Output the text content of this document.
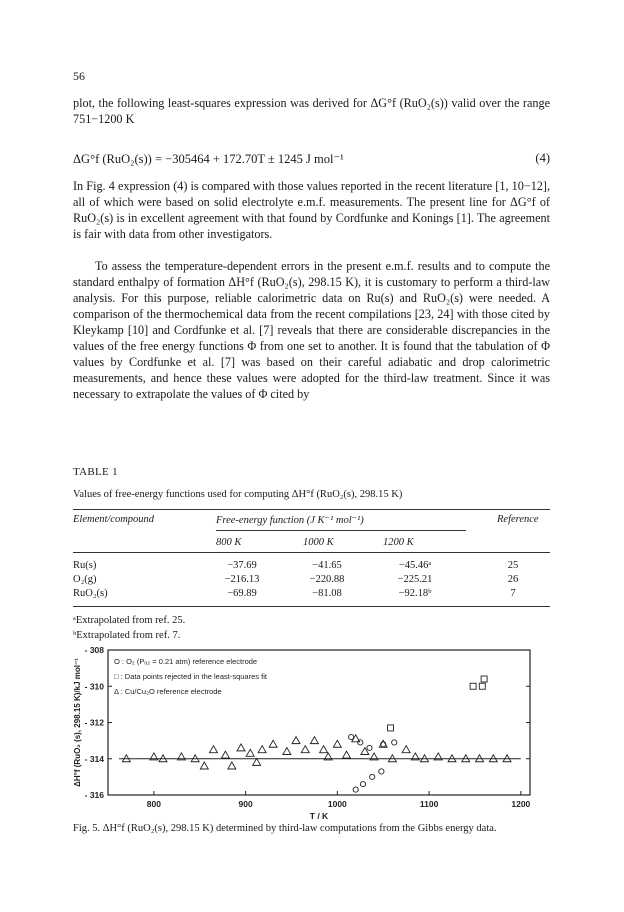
56

plot, the following least-squares expression was derived for ΔG°f (RuO₂(s)) valid over the range 751−1200 K

ΔG°f (RuO₂(s)) = −305464 + 172.70T ± 1245 J mol⁻¹	(4)

In Fig. 4 expression (4) is compared with those values reported in the recent literature [1, 10−12], all of which were based on solid electrolyte e.m.f. measurements. The present line for ΔG°f of RuO₂(s) is in excellent agreement with that found by Cordfunke and Konings [1]. The agreement is fair with data from other investigators.

To assess the temperature-dependent errors in the present e.m.f. results and to compute the standard enthalpy of formation ΔH°f (RuO₂(s), 298.15 K), it is customary to perform a third-law analysis. For this purpose, reliable calorimetric data on Ru(s) and RuO₂(s) were needed. A comparison of the thermochemical data from the recent compilations [23, 24] with those cited by Kleykamp [10] and Cordfunke et al. [7] reveals that there are considerable discrepancies in the values of the free energy functions Φ from one set to another. It is found that the tabulation of Φ values by Cordfunke et al. [7] was based on their careful adiabatic and drop calorimetric measurements, and hence these values were adopted for the third-law treatment. Since it was necessary to extrapolate the values of Φ cited by

TABLE 1
Values of free-energy functions used for computing ΔH°f (RuO₂(s), 298.15 K)
Element/compound	Free-energy function (J K⁻¹ mol⁻¹)	Reference
800 K	1000 K	1200 K
Ru(s)	−37.69	−41.65	−45.46ᵃ	25
O₂(g)	−216.13	−220.88	−225.21	26
RuO₂(s)	−69.89	−81.08	−92.18ᵇ	7
ᵃExtrapolated from ref. 25.
ᵇExtrapolated from ref. 7.
800	900	1000	1100	1200
- 308
- 310
- 312
- 314
- 316
T / K
ΔH°f (RuO₂ (s), 298.15 K)/kJ mol⁻¹	O : O₂ (Pₒ₂ = 0.21 atm) reference electrode
□ : Data points rejected in the least-squares fit
Δ : Cu/Cu₂O reference electrode
Fig. 5. ΔH°f (RuO₂(s), 298.15 K) determined by third-law computations from the Gibbs energy data.
